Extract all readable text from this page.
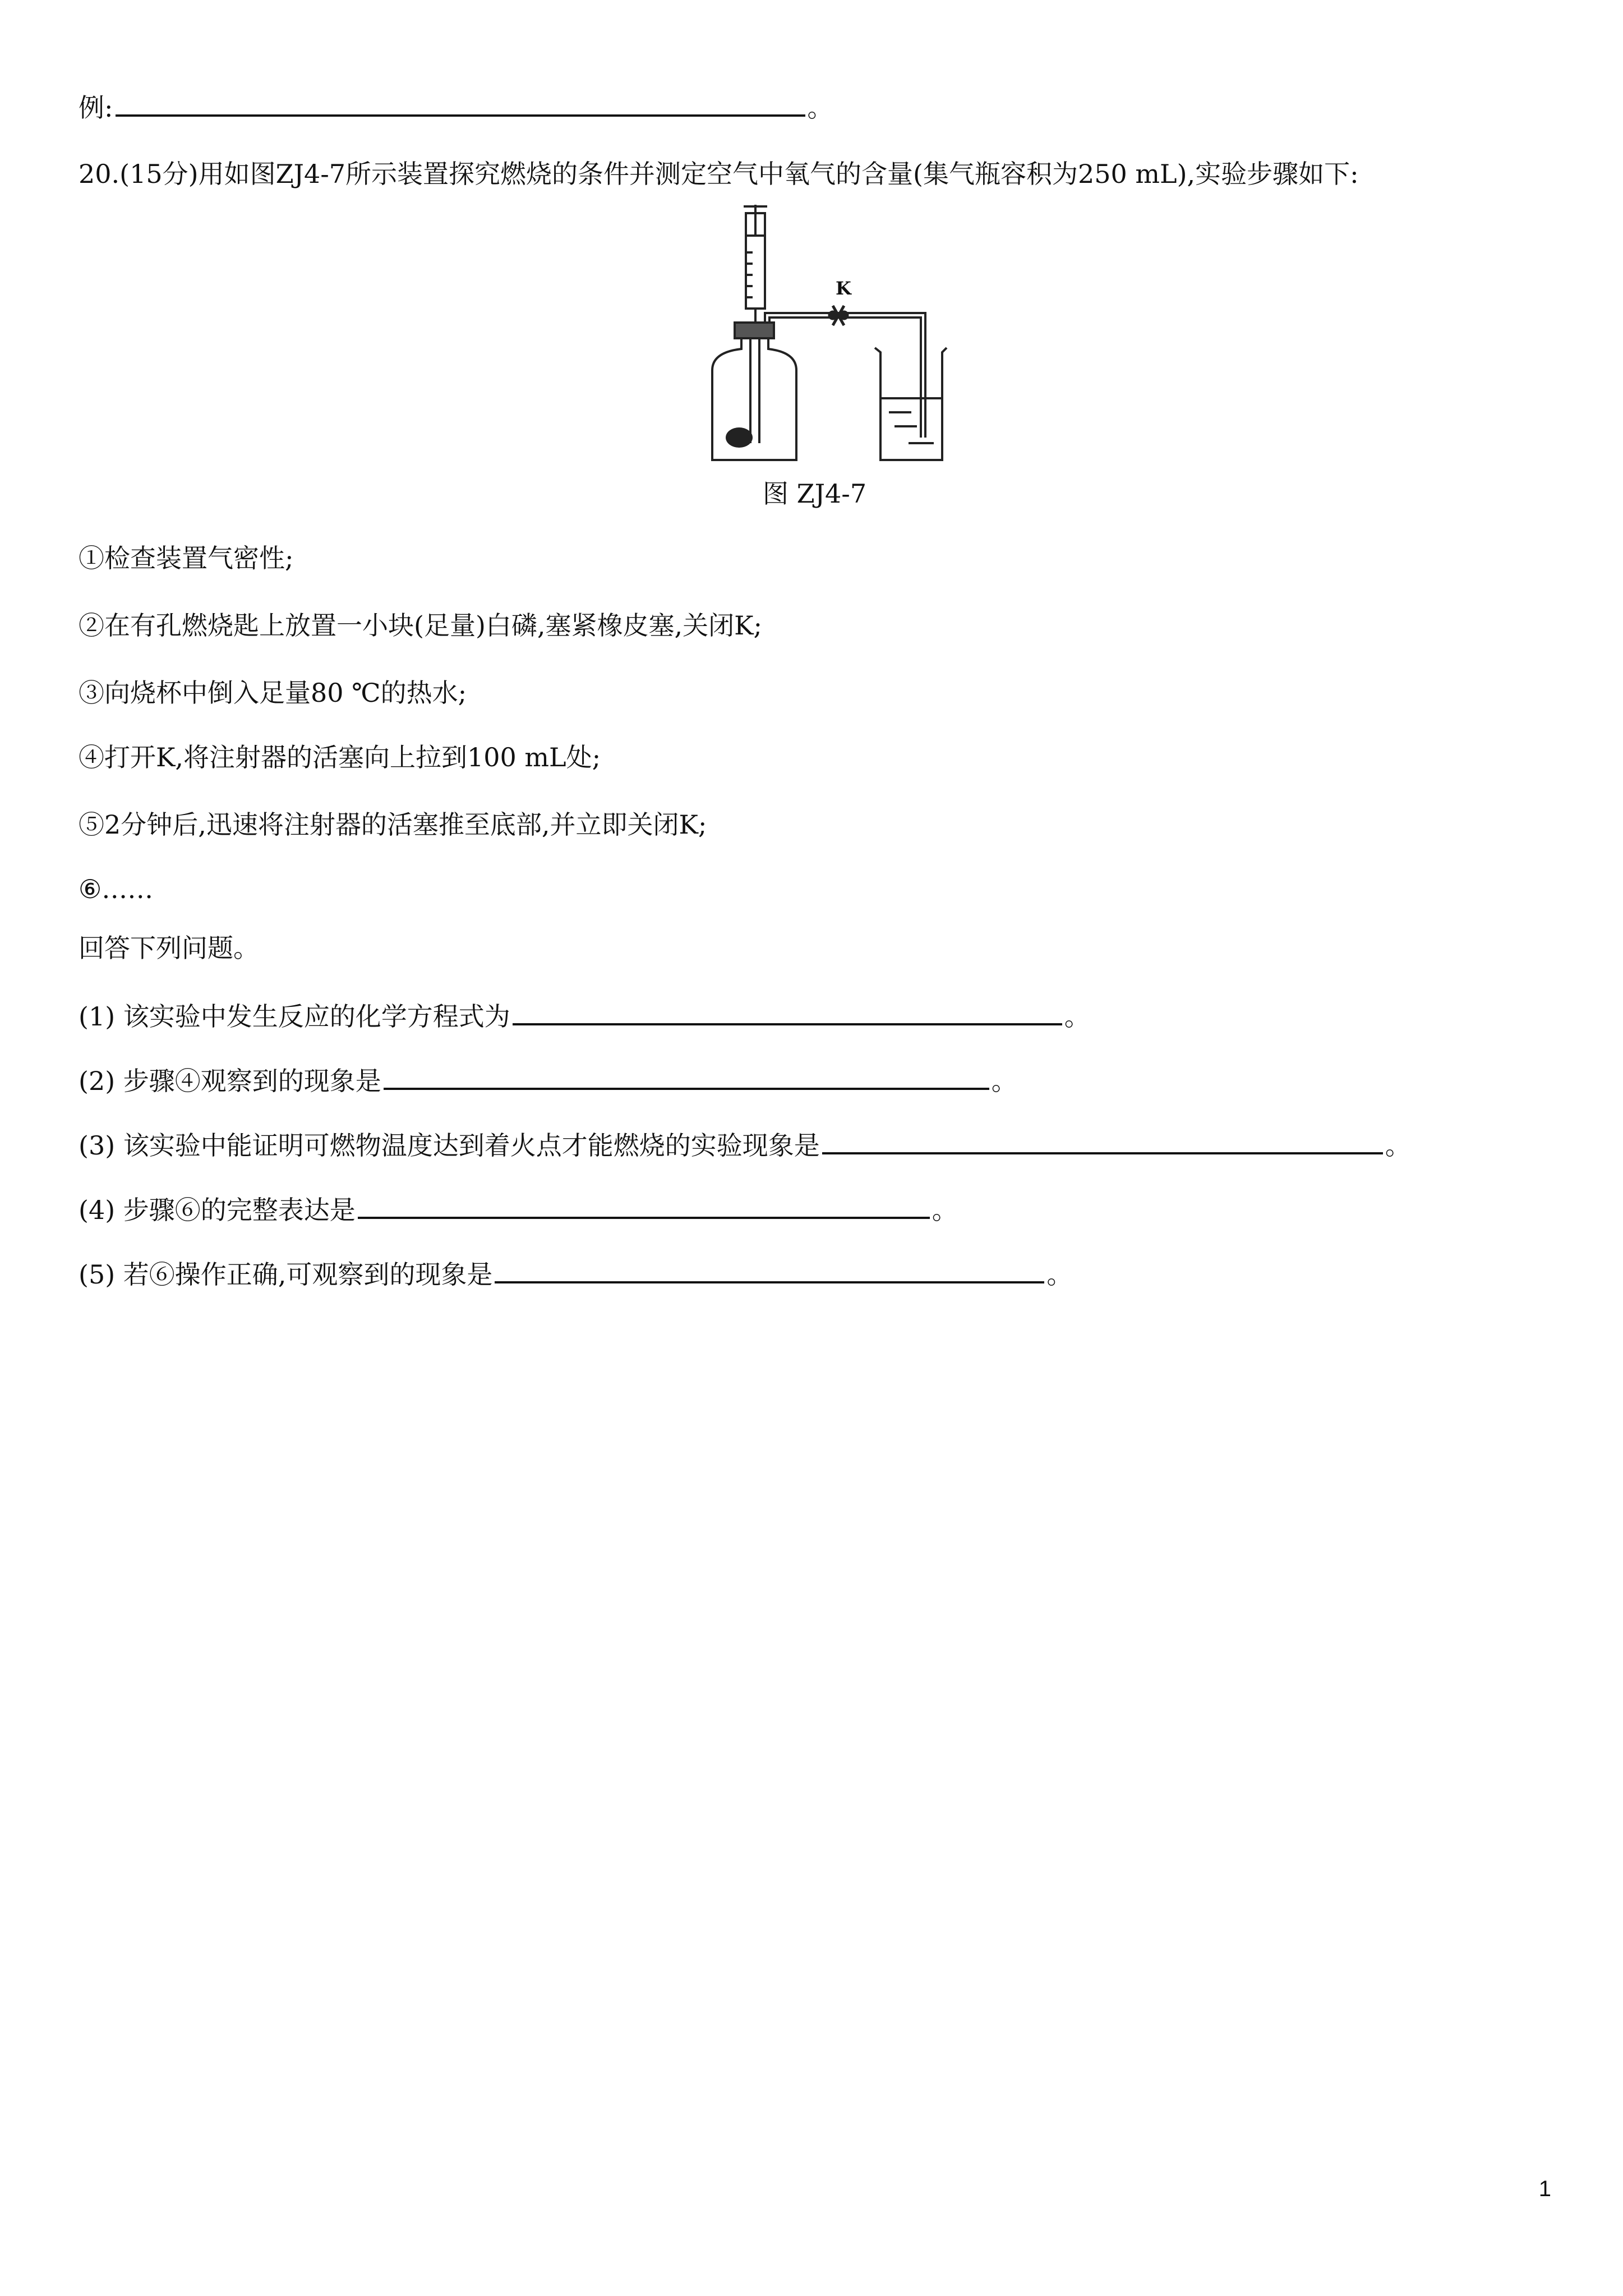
例:	。
20.(15分)用如图ZJ4-7所示装置探究燃烧的条件并测定空气中氧气的含量(集气瓶容积为250 mL),实验步骤如下:
K
图 ZJ4-7
①检查装置气密性;
②在有孔燃烧匙上放置一小块(足量)白磷,塞紧橡皮塞,关闭K;
③向烧杯中倒入足量80 ℃的热水;
④打开K,将注射器的活塞向上拉到100 mL处;
⑤2分钟后,迅速将注射器的活塞推至底部,并立即关闭K;
⑥……
回答下列问题。
(1) 该实验中发生反应的化学方程式为	。
(2) 步骤④观察到的现象是	。
(3) 该实验中能证明可燃物温度达到着火点才能燃烧的实验现象是	。
(4) 步骤⑥的完整表达是	。
(5) 若⑥操作正确,可观察到的现象是	。
1
